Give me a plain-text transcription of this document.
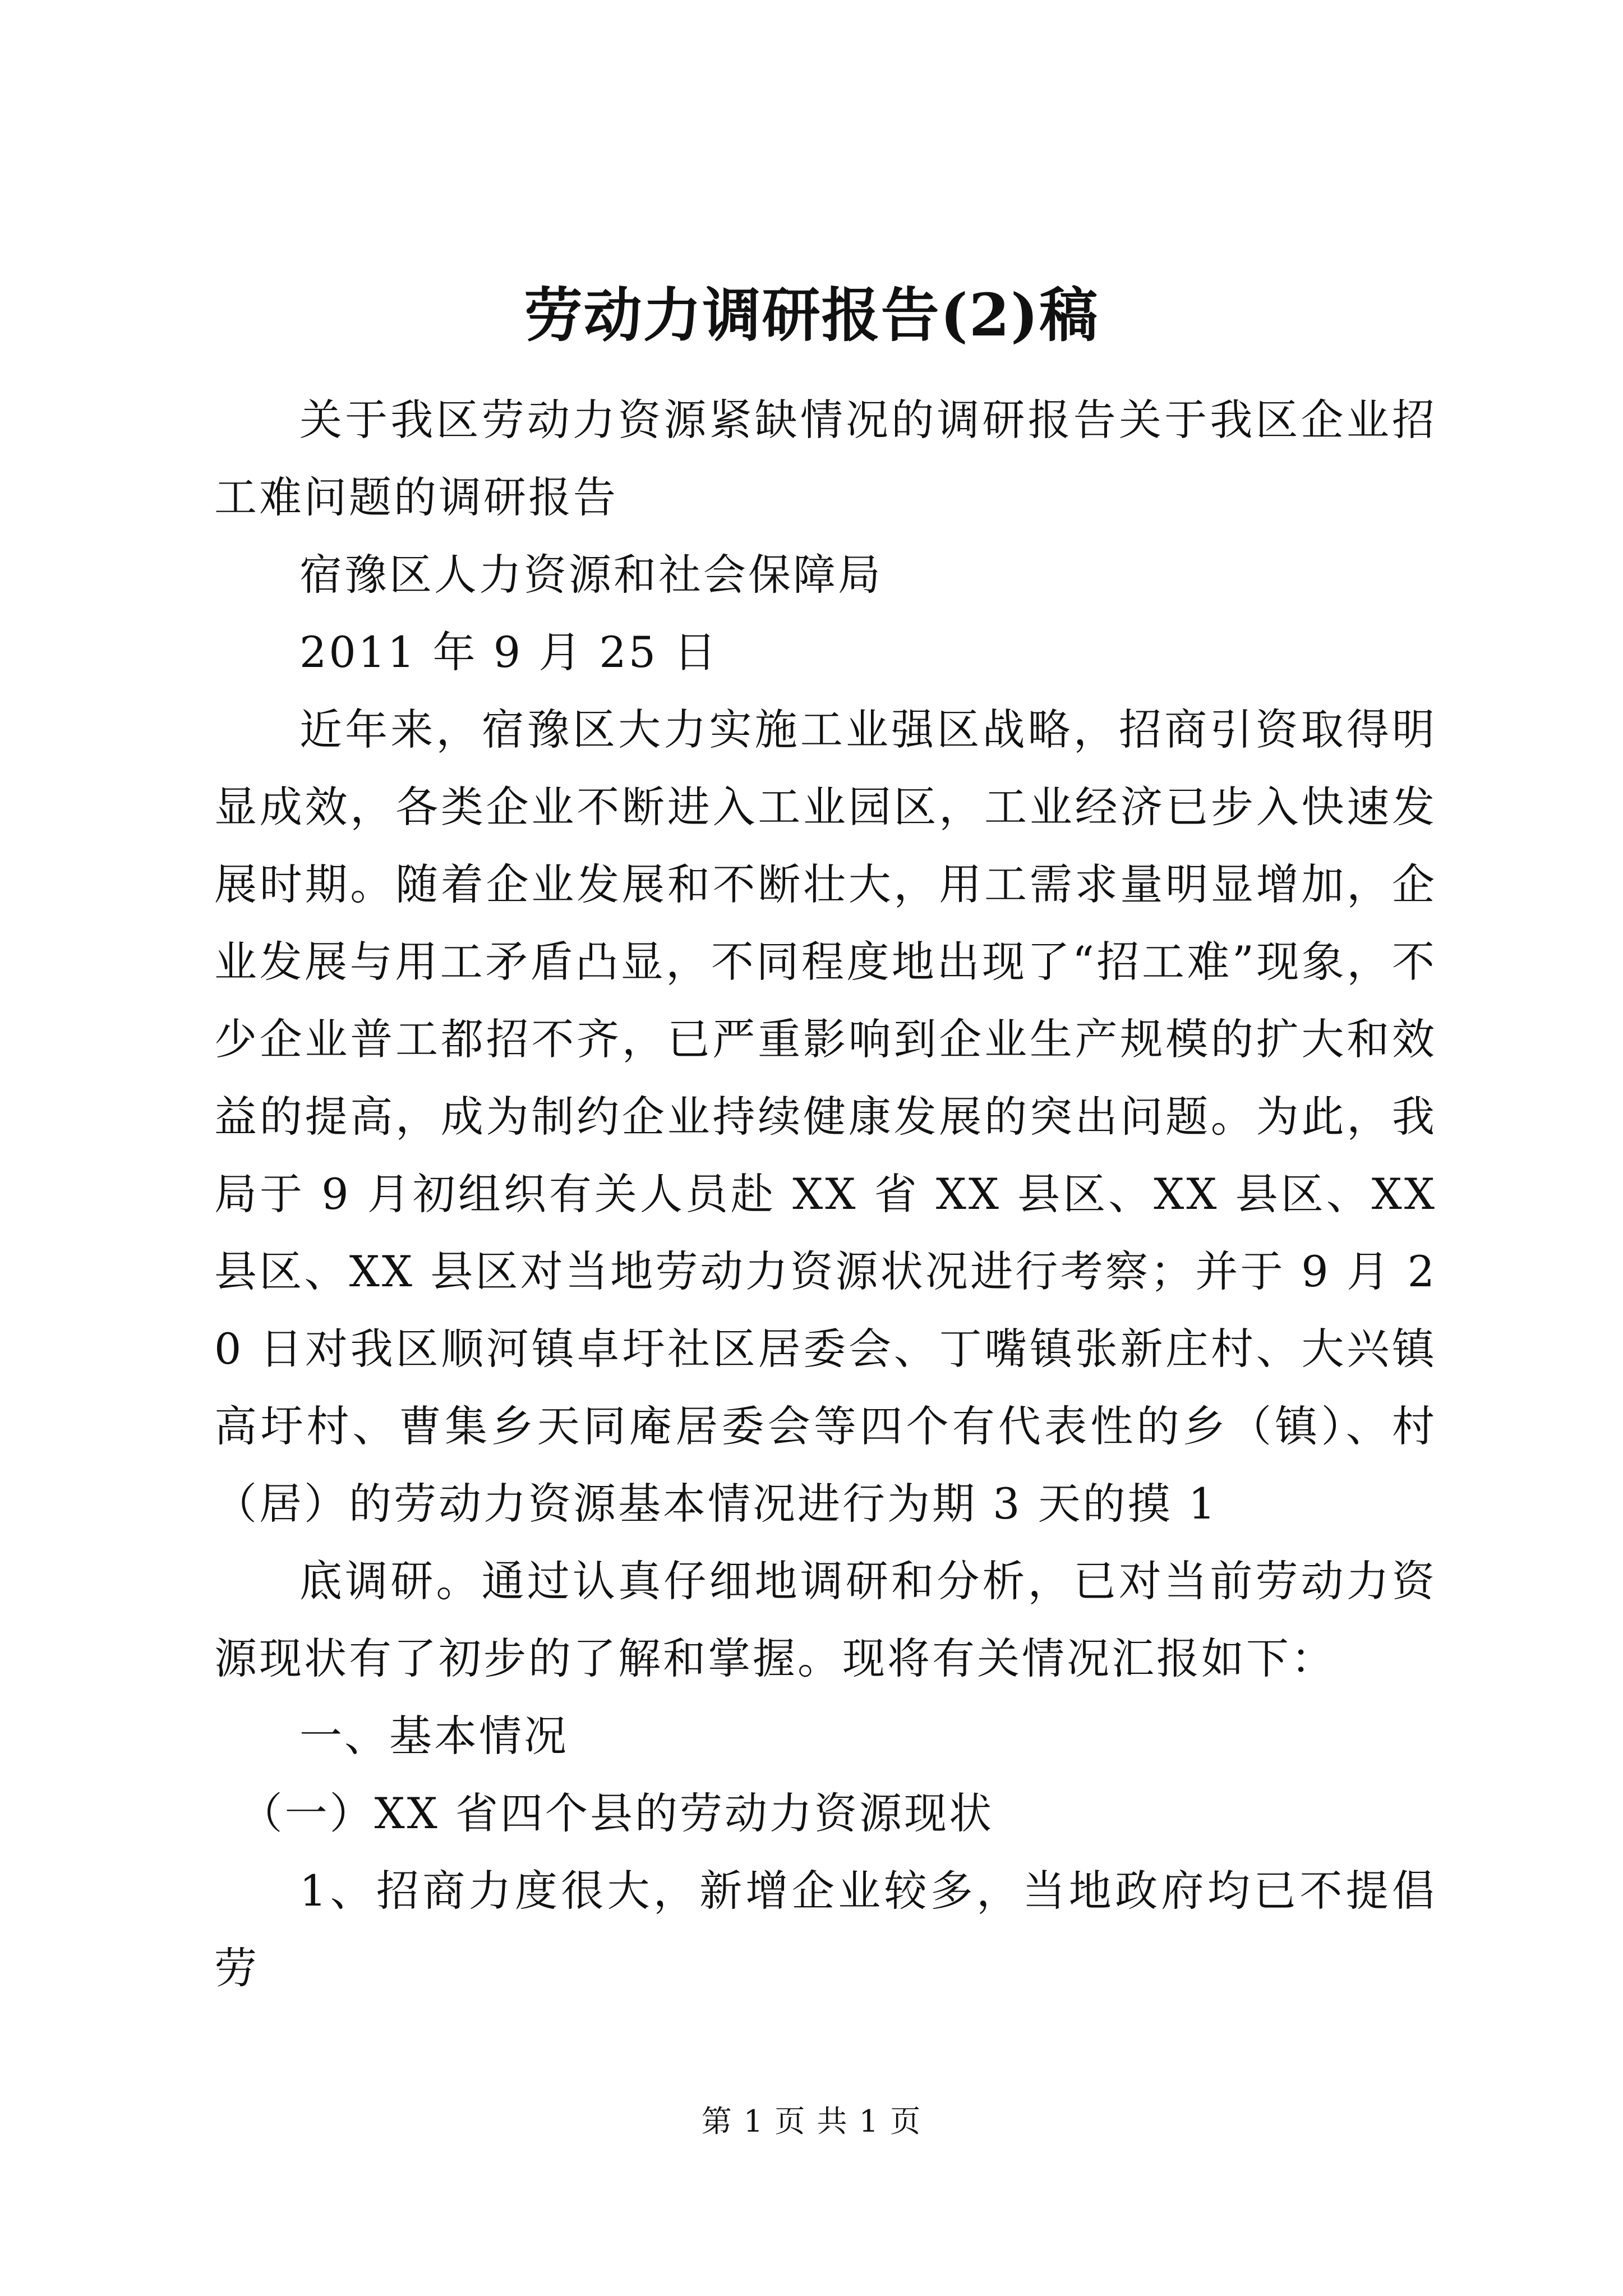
劳动力调研报告(2)稿

关于我区劳动力资源紧缺情况的调研报告关于我区企业招工难问题的调研报告

宿豫区人力资源和社会保障局

2011 年 9 月 25 日

近年来，宿豫区大力实施工业强区战略，招商引资取得明显成效，各类企业不断进入工业园区，工业经济已步入快速发展时期。随着企业发展和不断壮大，用工需求量明显增加，企业发展与用工矛盾凸显，不同程度地出现了“招工难”现象，不少企业普工都招不齐，已严重影响到企业生产规模的扩大和效益的提高，成为制约企业持续健康发展的突出问题。为此，我局于 9 月初组织有关人员赴 XX 省 XX 县区、XX 县区、XX 县区、XX 县区对当地劳动力资源状况进行考察；并于 9 月 20 日对我区顺河镇卓圩社区居委会、丁嘴镇张新庄村、大兴镇高圩村、曹集乡天同庵居委会等四个有代表性的乡（镇）、村（居）的劳动力资源基本情况进行为期 3 天的摸 1

底调研。通过认真仔细地调研和分析，已对当前劳动力资源现状有了初步的了解和掌握。现将有关情况汇报如下：

一、基本情况

（一）XX 省四个县的劳动力资源现状

1、招商力度很大，新增企业较多，当地政府均已不提倡劳

第 1 页 共 1 页
